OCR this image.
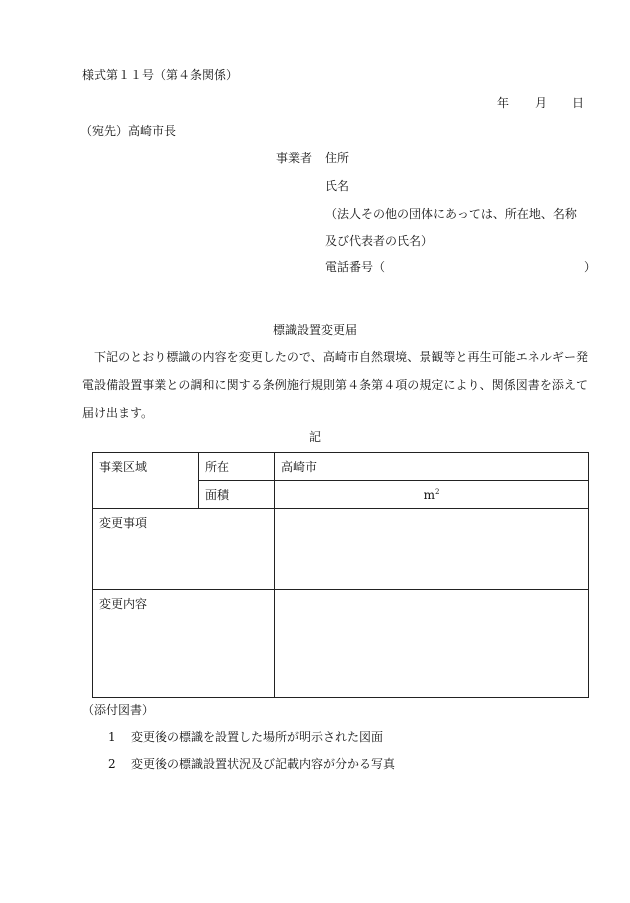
様式第１１号（第４条関係）
年 月 日
（宛先）高崎市長
事業者 住所
氏名
（法人その他の団体にあっては、所在地、名称
及び代表者の氏名）
電話番号（	）
標識設置変更届
下記のとおり標識の内容を変更したので、高崎市自然環境、景観等と再生可能エネルギー発電設備設置事業との調和に関する条例施行規則第４条第４項の規定により、関係図書を添えて届け出ます。
記
事業区域	所在	高崎市
	面積	$m^2$
変更事項		
変更内容		
（添付図書）
1 変更後の標識を設置した場所が明示された図面
2 変更後の標識設置状況及び記載内容が分かる写真
